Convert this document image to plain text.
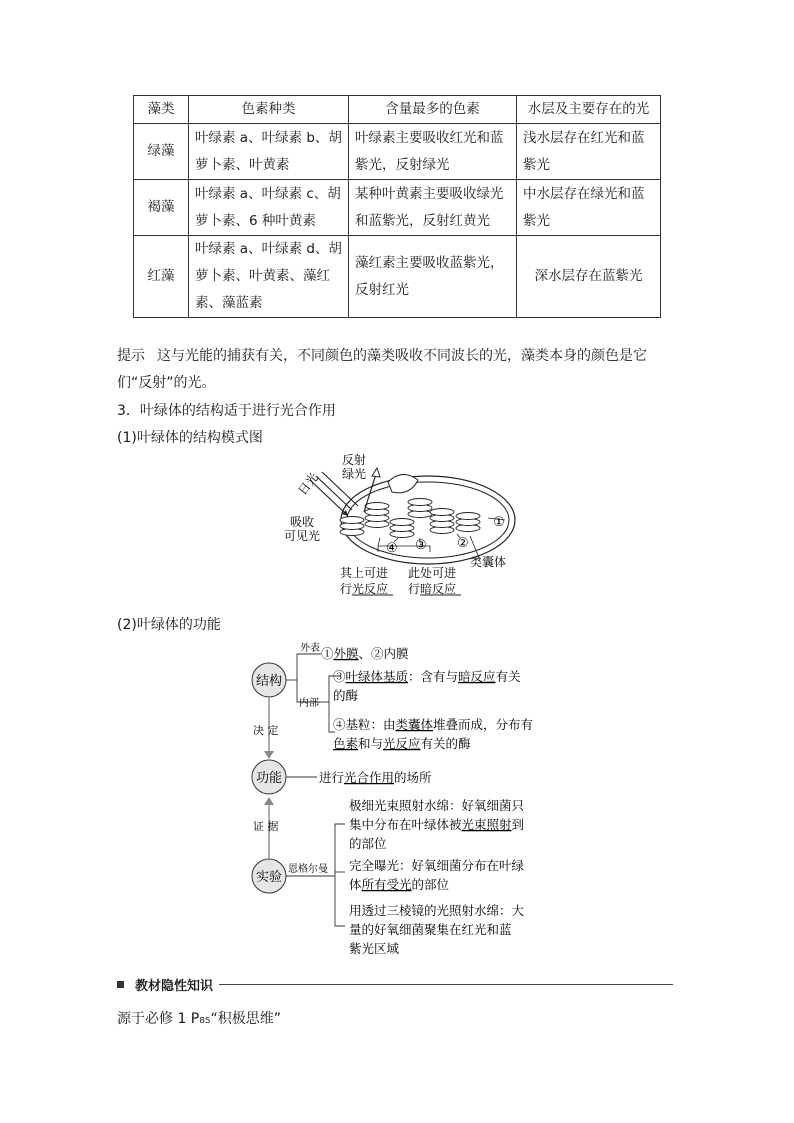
藻类	色素种类	含量最多的色素	水层及主要存在的光
绿藻	叶绿素 a、叶绿素 b、胡萝卜素、叶黄素	叶绿素主要吸收红光和蓝紫光，反射绿光	浅水层存在红光和蓝紫光
褐藻	叶绿素 a、叶绿素 c、胡萝卜素、6 种叶黄素	某种叶黄素主要吸收绿光和蓝紫光，反射红黄光	中水层存在绿光和蓝紫光
红藻	叶绿素 a、叶绿素 d、胡萝卜素、叶黄素、藻红素、藻蓝素	藻红素主要吸收蓝紫光，反射红光	深水层存在蓝紫光
提示 这与光能的捕获有关，不同颜色的藻类吸收不同波长的光，藻类本身的颜色是它们“反射”的光。
3．叶绿体的结构适于进行光合作用
(1)叶绿体的结构模式图
反射
绿光
日光
吸收
可见光
①
②
③
④
类囊体
其上可进
行光反应
此处可进
行暗反应
(2)叶绿体的功能
结构
功能
实验
决 定
证 据
外表
内部
①外膜、②内膜
③叶绿体基质：含有与暗反应有关
的酶
④基粒：由类囊体堆叠而成，分布有
色素和与光反应有关的酶
进行光合作用的场所
恩格尔曼
极细光束照射水绵：好氧细菌只
集中分布在叶绿体被光束照射到
的部位
完全曝光：好氧细菌分布在叶绿
体所有受光的部位
用透过三棱镜的光照射水绵：大
量的好氧细菌聚集在红光和蓝
紫光区域
教材隐性知识
源于必修 1 P₈₅“积极思维”
